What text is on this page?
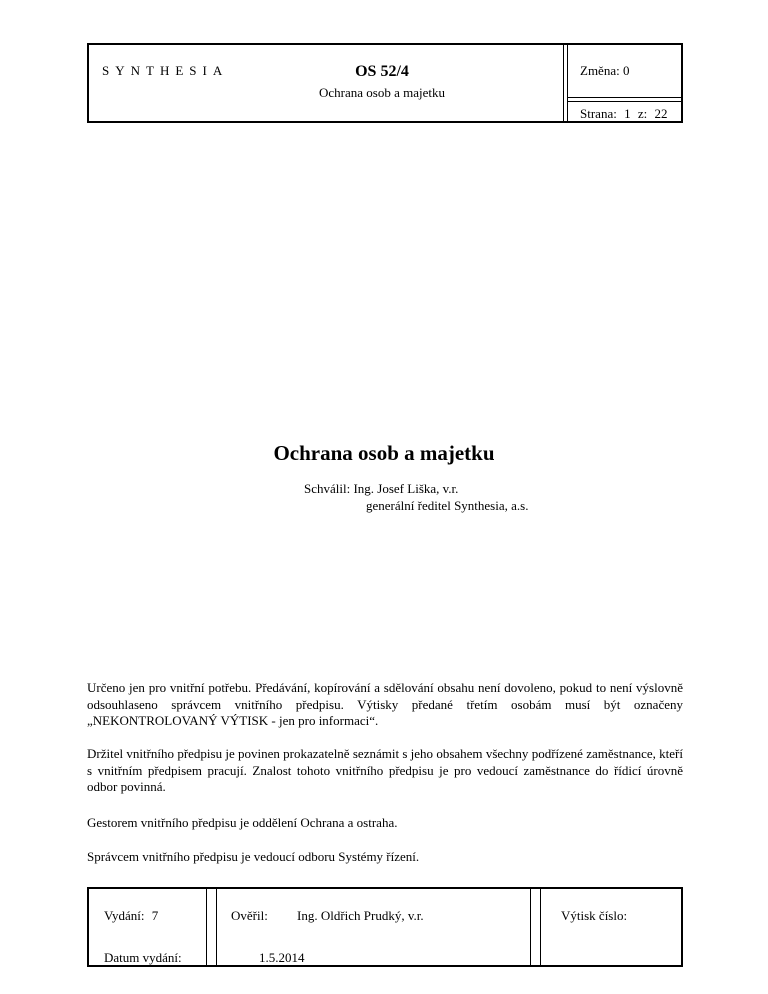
SYNTHESIA	OS 52/4
Ochrana osob a majetku
Změna: 0
Strana: 1 z: 22
Ochrana osob a majetku
Schválil: Ing. Josef Liška, v.r.
generální ředitel Synthesia, a.s.

Určeno jen pro vnitřní potřebu. Předávání, kopírování a sdělování obsahu není dovoleno, pokud to není výslovně odsouhlaseno správcem vnitřního předpisu. Výtisky předané třetím osobám musí být označeny „NEKONTROLOVANÝ VÝTISK - jen pro informaci“.

Držitel vnitřního předpisu je povinen prokazatelně seznámit s jeho obsahem všechny podřízené zaměstnance, kteří s vnitřním předpisem pracují. Znalost tohoto vnitřního předpisu je pro vedoucí zaměstnance do řídicí úrovně odbor povinná.

Gestorem vnitřního předpisu je oddělení Ochrana a ostraha.

Správcem vnitřního předpisu je vedoucí odboru Systémy řízení.

Vydání: 7
Datum vydání:
Ověřil: Ing. Oldřich Prudký, v.r.
1.5.2014
Výtisk číslo:
